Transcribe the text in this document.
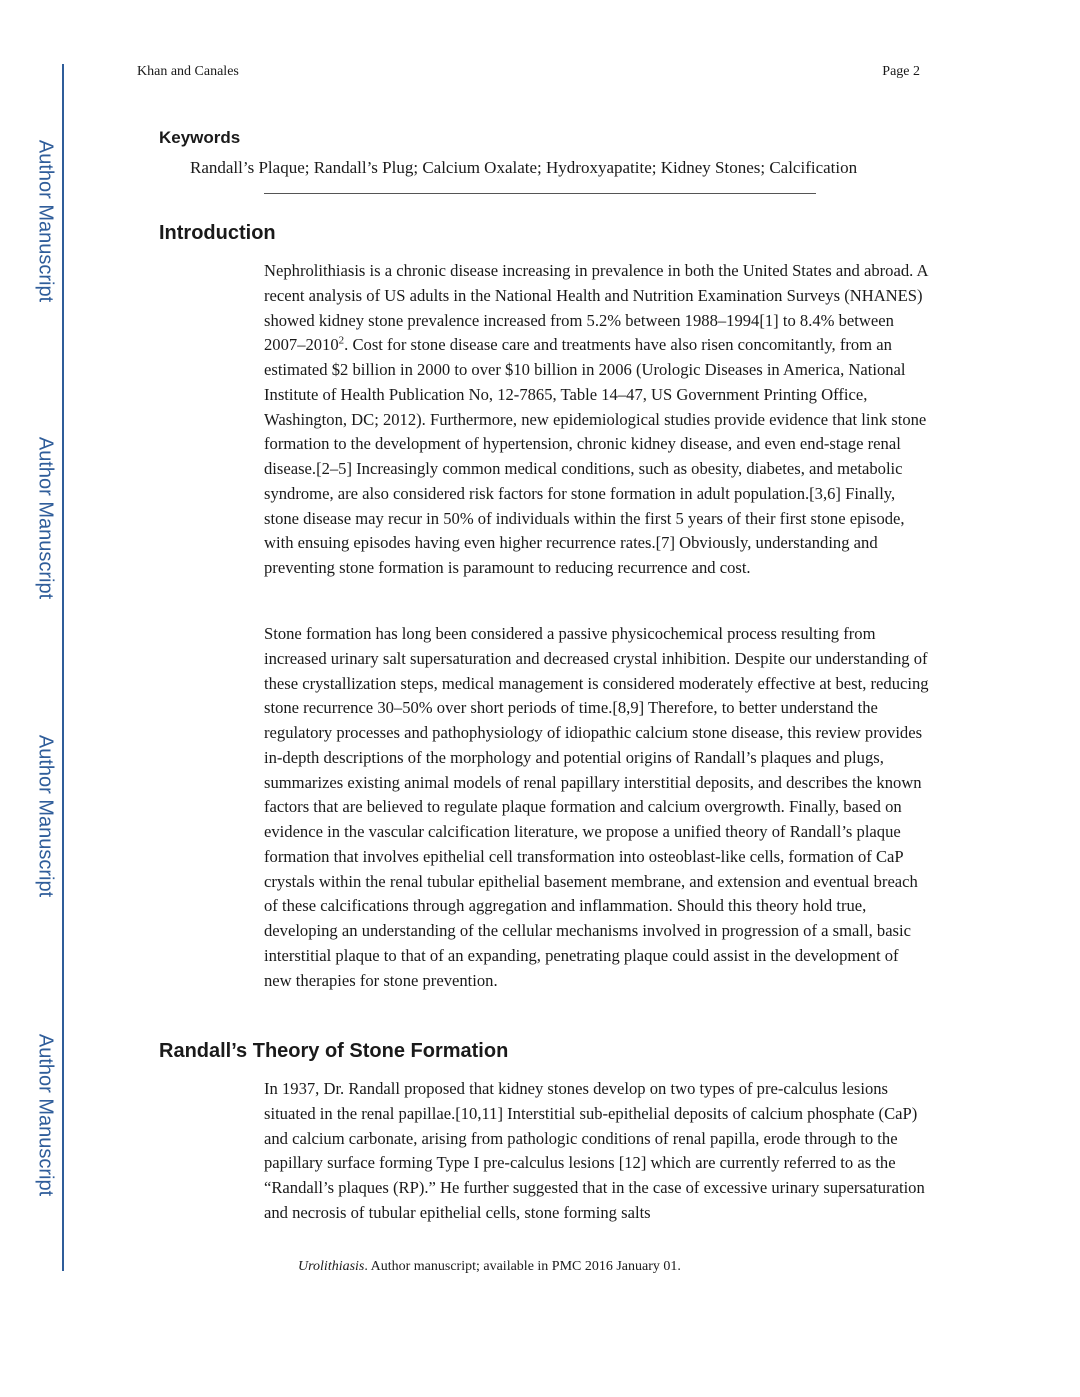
Author Manuscript
Author Manuscript
Author Manuscript
Author Manuscript
Khan and Canales	Page 2
Keywords
Randall’s Plaque; Randall’s Plug; Calcium Oxalate; Hydroxyapatite; Kidney Stones; Calcification
Introduction

Nephrolithiasis is a chronic disease increasing in prevalence in both the United States and abroad. A recent analysis of US adults in the National Health and Nutrition Examination Surveys (NHANES) showed kidney stone prevalence increased from 5.2% between 1988–1994[1] to 8.4% between 2007–2010$^2$. Cost for stone disease care and treatments have also risen concomitantly, from an estimated $2 billion in 2000 to over $10 billion in 2006 (Urologic Diseases in America, National Institute of Health Publication No, 12-7865, Table 14–47, US Government Printing Office, Washington, DC; 2012). Furthermore, new epidemiological studies provide evidence that link stone formation to the development of hypertension, chronic kidney disease, and even end-stage renal disease.[2–5] Increasingly common medical conditions, such as obesity, diabetes, and metabolic syndrome, are also considered risk factors for stone formation in adult population.[3,6] Finally, stone disease may recur in 50% of individuals within the first 5 years of their first stone episode, with ensuing episodes having even higher recurrence rates.[7] Obviously, understanding and preventing stone formation is paramount to reducing recurrence and cost.

Stone formation has long been considered a passive physicochemical process resulting from increased urinary salt supersaturation and decreased crystal inhibition. Despite our understanding of these crystallization steps, medical management is considered moderately effective at best, reducing stone recurrence 30–50% over short periods of time.[8,9] Therefore, to better understand the regulatory processes and pathophysiology of idiopathic calcium stone disease, this review provides in-depth descriptions of the morphology and potential origins of Randall’s plaques and plugs, summarizes existing animal models of renal papillary interstitial deposits, and describes the known factors that are believed to regulate plaque formation and calcium overgrowth. Finally, based on evidence in the vascular calcification literature, we propose a unified theory of Randall’s plaque formation that involves epithelial cell transformation into osteoblast-like cells, formation of CaP crystals within the renal tubular epithelial basement membrane, and extension and eventual breach of these calcifications through aggregation and inflammation. Should this theory hold true, developing an understanding of the cellular mechanisms involved in progression of a small, basic interstitial plaque to that of an expanding, penetrating plaque could assist in the development of new therapies for stone prevention.

Randall’s Theory of Stone Formation

In 1937, Dr. Randall proposed that kidney stones develop on two types of pre-calculus lesions situated in the renal papillae.[10,11] Interstitial sub-epithelial deposits of calcium phosphate (CaP) and calcium carbonate, arising from pathologic conditions of renal papilla, erode through to the papillary surface forming Type I pre-calculus lesions [12] which are currently referred to as the “Randall’s plaques (RP).” He further suggested that in the case of excessive urinary supersaturation and necrosis of tubular epithelial cells, stone forming salts

Urolithiasis. Author manuscript; available in PMC 2016 January 01.
